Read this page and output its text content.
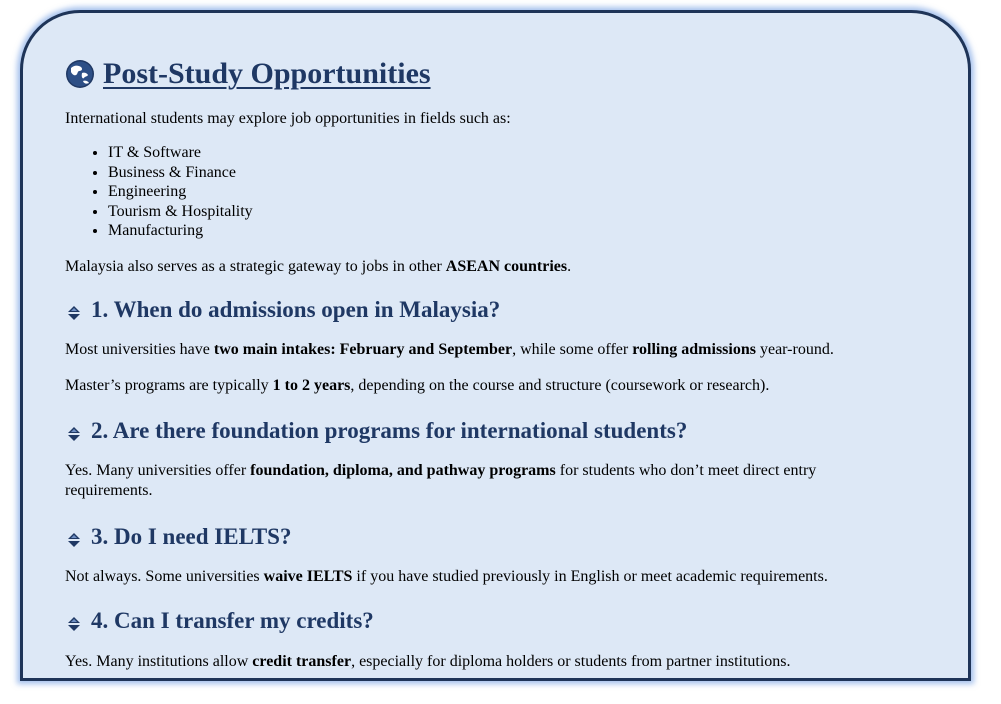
Post-Study Opportunities

International students may explore job opportunities in fields such as:

• IT & Software
• Business & Finance
• Engineering
• Tourism & Hospitality
• Manufacturing

Malaysia also serves as a strategic gateway to jobs in other ASEAN countries.

1. When do admissions open in Malaysia?

Most universities have two main intakes: February and September, while some offer rolling admissions year-round.

Master’s programs are typically 1 to 2 years, depending on the course and structure (coursework or research).

2. Are there foundation programs for international students?

Yes. Many universities offer foundation, diploma, and pathway programs for students who don’t meet direct entry requirements.

3. Do I need IELTS?

Not always. Some universities waive IELTS if you have studied previously in English or meet academic requirements.

4. Can I transfer my credits?

Yes. Many institutions allow credit transfer, especially for diploma holders or students from partner institutions.
